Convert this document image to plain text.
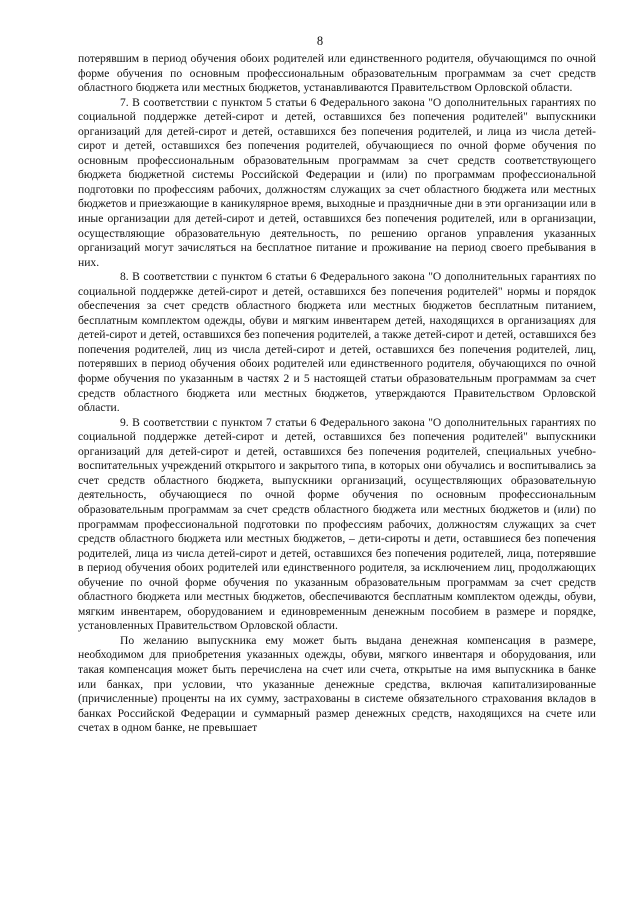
8

потерявшим в период обучения обоих родителей или единственного родителя, обучающимся по очной форме обучения по основным профессиональным образовательным программам за счет средств областного бюджета или местных бюджетов, устанавливаются Правительством Орловской области.

7. В соответствии с пунктом 5 статьи 6 Федерального закона "О дополнительных гарантиях по социальной поддержке детей-сирот и детей, оставшихся без попечения родителей" выпускники организаций для детей-сирот и детей, оставшихся без попечения родителей, и лица из числа детей-сирот и детей, оставшихся без попечения родителей, обучающиеся по очной форме обучения по основным профессиональным образовательным программам за счет средств соответствующего бюджета бюджетной системы Российской Федерации и (или) по программам профессиональной подготовки по профессиям рабочих, должностям служащих за счет областного бюджета или местных бюджетов и приезжающие в каникулярное время, выходные и праздничные дни в эти организации или в иные организации для детей-сирот и детей, оставшихся без попечения родителей, или в организации, осуществляющие образовательную деятельность, по решению органов управления указанных организаций могут зачисляться на бесплатное питание и проживание на период своего пребывания в них.

8. В соответствии с пунктом 6 статьи 6 Федерального закона "О дополнительных гарантиях по социальной поддержке детей-сирот и детей, оставшихся без попечения родителей" нормы и порядок обеспечения за счет средств областного бюджета или местных бюджетов бесплатным питанием, бесплатным комплектом одежды, обуви и мягким инвентарем детей, находящихся в организациях для детей-сирот и детей, оставшихся без попечения родителей, а также детей-сирот и детей, оставшихся без попечения родителей, лиц из числа детей-сирот и детей, оставшихся без попечения родителей, лиц, потерявших в период обучения обоих родителей или единственного родителя, обучающихся по очной форме обучения по указанным в частях 2 и 5 настоящей статьи образовательным программам за счет средств областного бюджета или местных бюджетов, утверждаются Правительством Орловской области.

9. В соответствии с пунктом 7 статьи 6 Федерального закона "О дополнительных гарантиях по социальной поддержке детей-сирот и детей, оставшихся без попечения родителей" выпускники организаций для детей-сирот и детей, оставшихся без попечения родителей, специальных учебно-воспитательных учреждений открытого и закрытого типа, в которых они обучались и воспитывались за счет средств областного бюджета, выпускники организаций, осуществляющих образовательную деятельность, обучающиеся по очной форме обучения по основным профессиональным образовательным программам за счет средств областного бюджета или местных бюджетов и (или) по программам профессиональной подготовки по профессиям рабочих, должностям служащих за счет средств областного бюджета или местных бюджетов, – дети-сироты и дети, оставшиеся без попечения родителей, лица из числа детей-сирот и детей, оставшихся без попечения родителей, лица, потерявшие в период обучения обоих родителей или единственного родителя, за исключением лиц, продолжающих обучение по очной форме обучения по указанным образовательным программам за счет средств областного бюджета или местных бюджетов, обеспечиваются бесплатным комплектом одежды, обуви, мягким инвентарем, оборудованием и единовременным денежным пособием в размере и порядке, установленных Правительством Орловской области.

По желанию выпускника ему может быть выдана денежная компенсация в размере, необходимом для приобретения указанных одежды, обуви, мягкого инвентаря и оборудования, или такая компенсация может быть перечислена на счет или счета, открытые на имя выпускника в банке или банках, при условии, что указанные денежные средства, включая капитализированные (причисленные) проценты на их сумму, застрахованы в системе обязательного страхования вкладов в банках Российской Федерации и суммарный размер денежных средств, находящихся на счете или счетах в одном банке, не превышает
